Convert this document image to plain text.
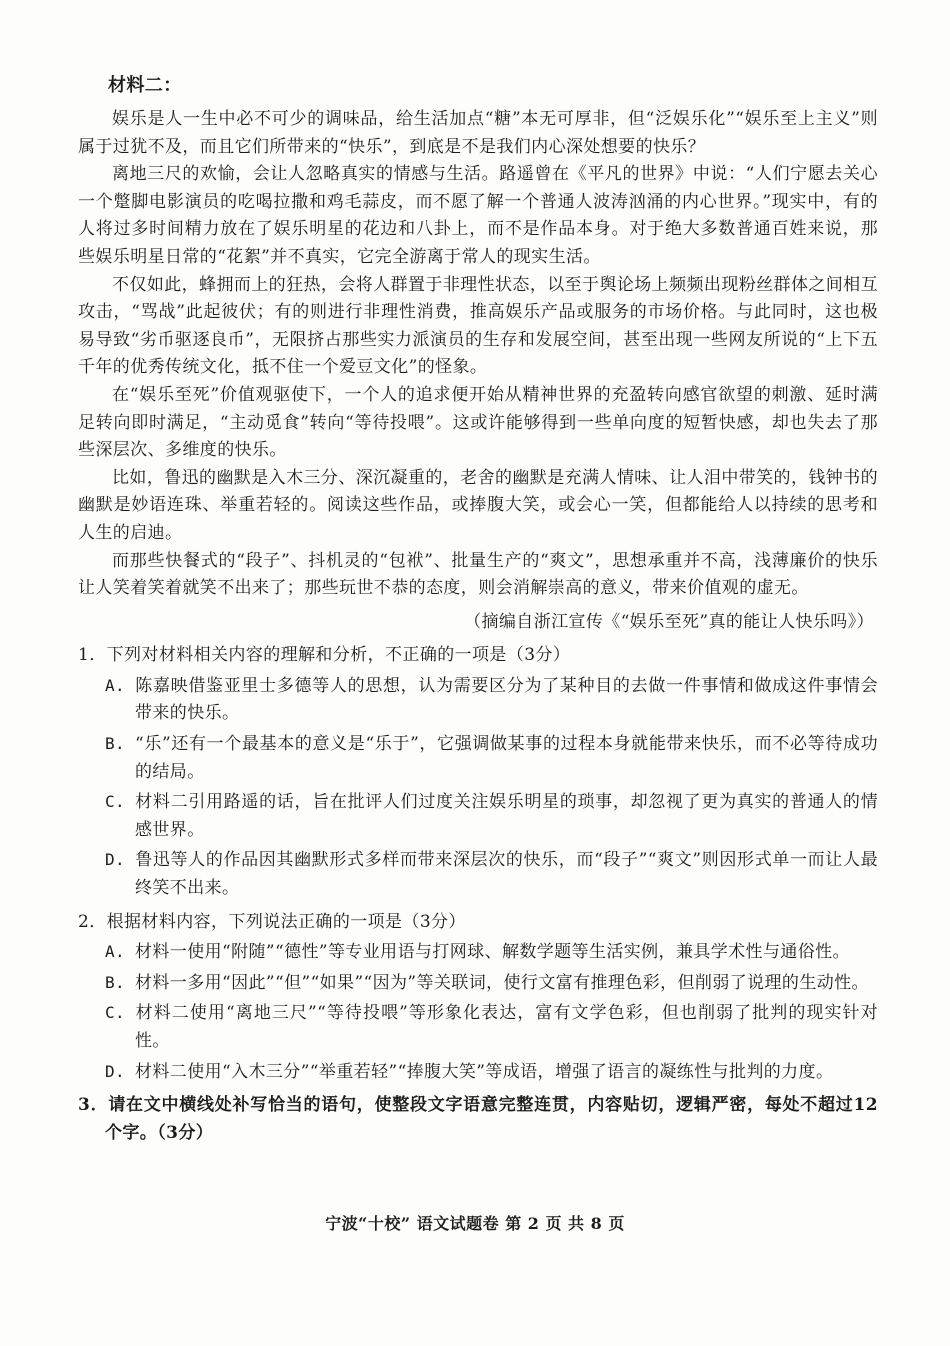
材料二：

娱乐是人一生中必不可少的调味品，给生活加点“糖”本无可厚非，但“泛娱乐化”“娱乐至上主义”则属于过犹不及，而且它们所带来的“快乐”，到底是不是我们内心深处想要的快乐？

离地三尺的欢愉，会让人忽略真实的情感与生活。路遥曾在《平凡的世界》中说：“人们宁愿去关心一个蹩脚电影演员的吃喝拉撒和鸡毛蒜皮，而不愿了解一个普通人波涛汹涌的内心世界。”现实中，有的人将过多时间精力放在了娱乐明星的花边和八卦上，而不是作品本身。对于绝大多数普通百姓来说，那些娱乐明星日常的“花絮”并不真实，它完全游离于常人的现实生活。

不仅如此，蜂拥而上的狂热，会将人群置于非理性状态，以至于舆论场上频频出现粉丝群体之间相互攻击，“骂战”此起彼伏；有的则进行非理性消费，推高娱乐产品或服务的市场价格。与此同时，这也极易导致“劣币驱逐良币”，无限挤占那些实力派演员的生存和发展空间，甚至出现一些网友所说的“上下五千年的优秀传统文化，抵不住一个爱豆文化”的怪象。

在“娱乐至死”价值观驱使下，一个人的追求便开始从精神世界的充盈转向感官欲望的刺激、延时满足转向即时满足，“主动觅食”转向“等待投喂”。这或许能够得到一些单向度的短暂快感，却也失去了那些深层次、多维度的快乐。

比如，鲁迅的幽默是入木三分、深沉凝重的，老舍的幽默是充满人情味、让人泪中带笑的，钱钟书的幽默是妙语连珠、举重若轻的。阅读这些作品，或捧腹大笑，或会心一笑，但都能给人以持续的思考和人生的启迪。

而那些快餐式的“段子”、抖机灵的“包袱”、批量生产的“爽文”，思想承重并不高，浅薄廉价的快乐让人笑着笑着就笑不出来了；那些玩世不恭的态度，则会消解崇高的意义，带来价值观的虚无。

（摘编自浙江宣传《“娱乐至死”真的能让人快乐吗》）

1．下列对材料相关内容的理解和分析，不正确的一项是（3分）

A. 陈嘉映借鉴亚里士多德等人的思想，认为需要区分为了某种目的去做一件事情和做成这件事情会带来的快乐。
B. “乐”还有一个最基本的意义是“乐于”，它强调做某事的过程本身就能带来快乐，而不必等待成功的结局。
C. 材料二引用路遥的话，旨在批评人们过度关注娱乐明星的琐事，却忽视了更为真实的普通人的情感世界。
D. 鲁迅等人的作品因其幽默形式多样而带来深层次的快乐，而“段子”“爽文”则因形式单一而让人最终笑不出来。

2．根据材料内容，下列说法正确的一项是（3分）

A. 材料一使用“附随”“德性”等专业用语与打网球、解数学题等生活实例，兼具学术性与通俗性。
B. 材料一多用“因此”“但”“如果”“因为”等关联词，使行文富有推理色彩，但削弱了说理的生动性。
C. 材料二使用“离地三尺”“等待投喂”等形象化表达，富有文学色彩，但也削弱了批判的现实针对性。
D. 材料二使用“入木三分”“举重若轻”“捧腹大笑”等成语，增强了语言的凝练性与批判的力度。

3．请在文中横线处补写恰当的语句，使整段文字语意完整连贯，内容贴切，逻辑严密，每处不超过12个字。（3分）

宁波“十校” 语文试题卷 第 2 页 共 8 页
